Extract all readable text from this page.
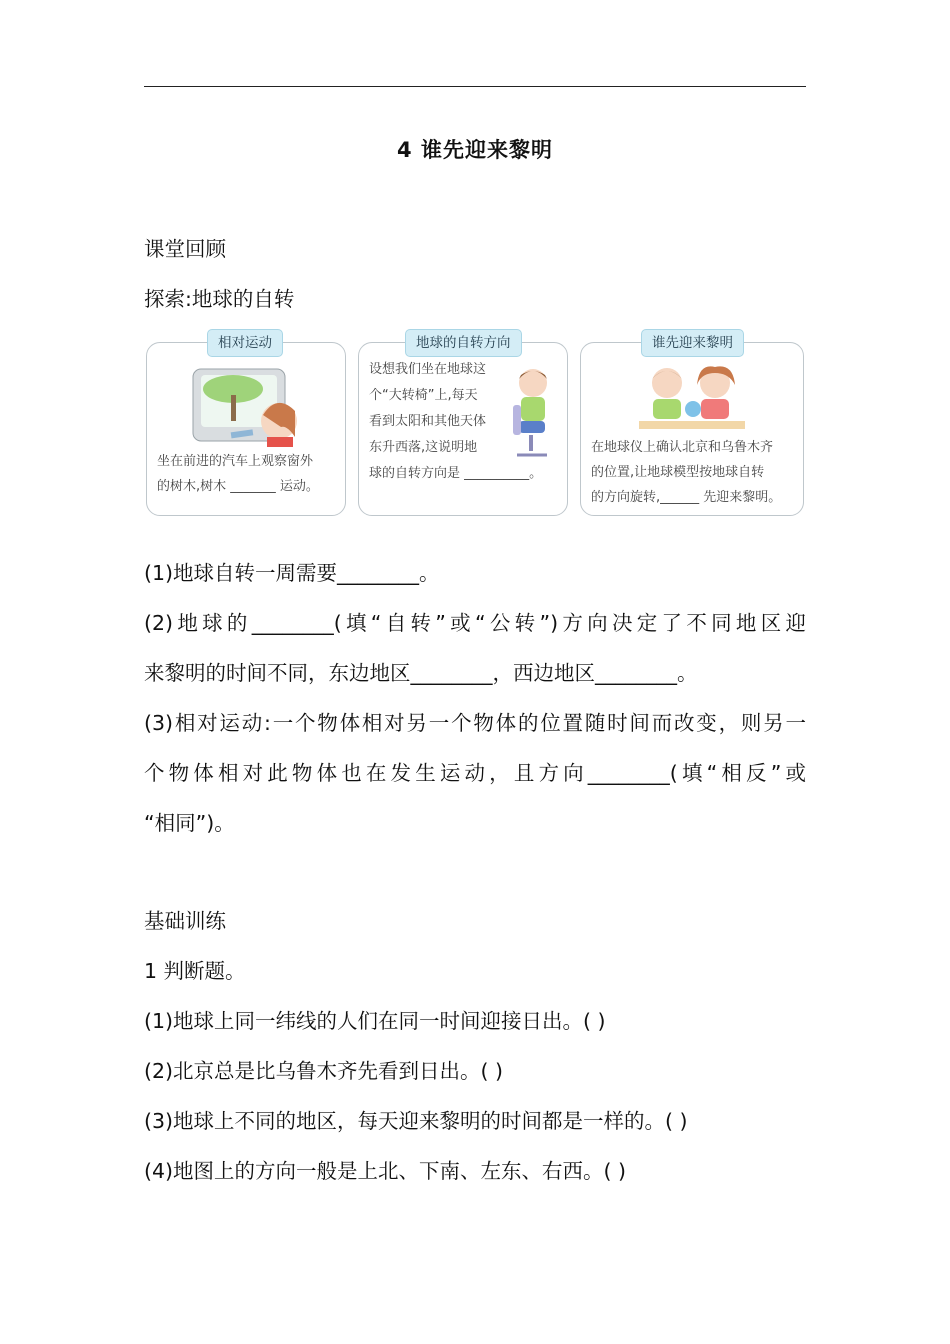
4 谁先迎来黎明
课堂回顾
探索:地球的自转
相对运动
坐在前进的汽车上观察窗外
的树木,树木 _______ 运动。
地球的自转方向
设想我们坐在地球这
个“大转椅”上,每天
看到太阳和其他天体
东升西落,这说明地
球的自转方向是 __________。
谁先迎来黎明
在地球仪上确认北京和乌鲁木齐
的位置,让地球模型按地球自转
的方向旋转,______ 先迎来黎明。
(1)地球自转一周需要________。
(2)地球的________(填“自转”或“公转”)方向决定了不同地区迎
来黎明的时间不同，东边地区________，西边地区________。
(3)相对运动:一个物体相对另一个物体的位置随时间而改变，则另一
个物体相对此物体也在发生运动，且方向________(填“相反”或
“相同”)。
基础训练
1 判断题。
(1)地球上同一纬线的人们在同一时间迎接日出。( )
(2)北京总是比乌鲁木齐先看到日出。( )
(3)地球上不同的地区，每天迎来黎明的时间都是一样的。( )
(4)地图上的方向一般是上北、下南、左东、右西。( )
